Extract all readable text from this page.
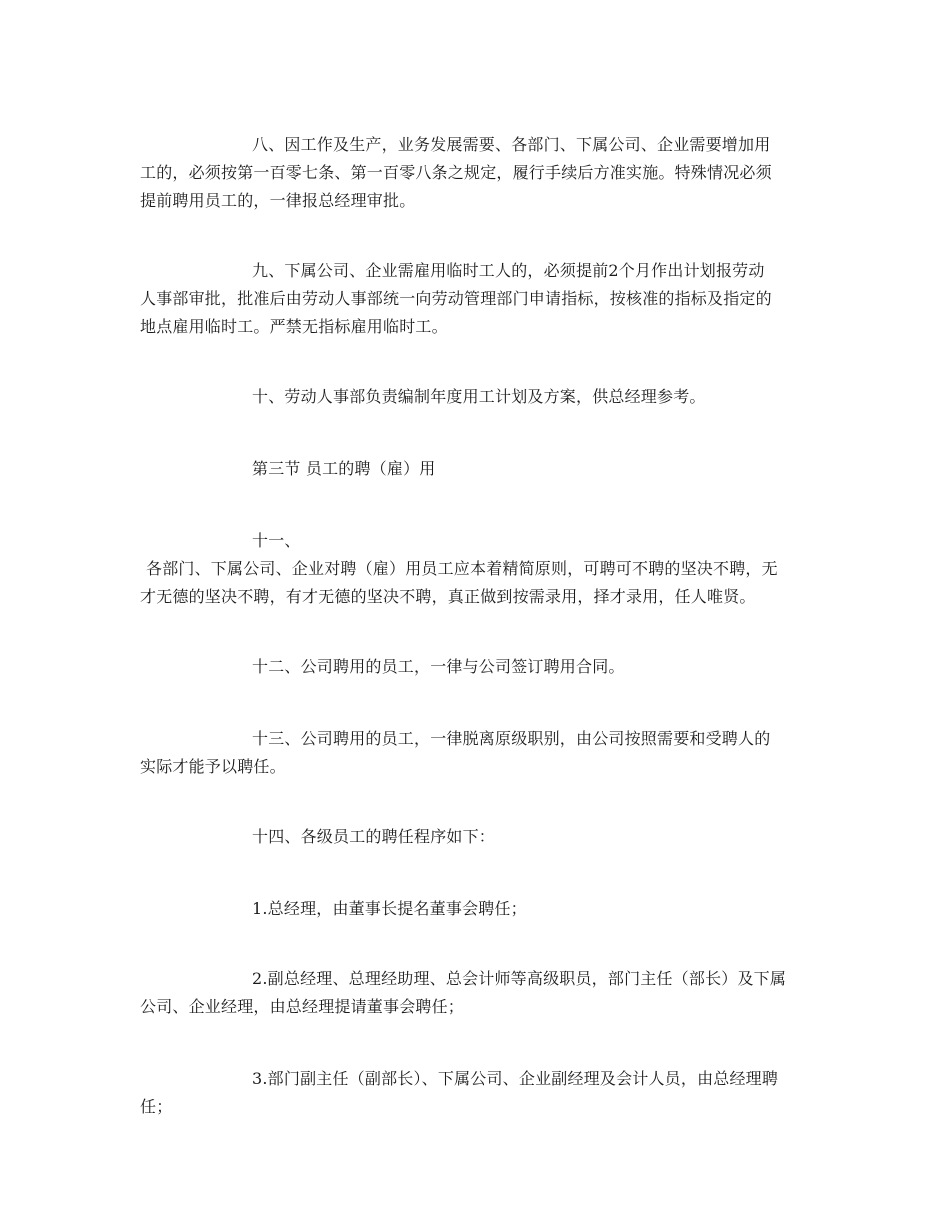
八、因工作及生产，业务发展需要、各部门、下属公司、企业需要增加用
工的，必须按第一百零七条、第一百零八条之规定，履行手续后方准实施。特殊情况必须
提前聘用员工的，一律报总经理审批。
九、下属公司、企业需雇用临时工人的，必须提前2个月作出计划报劳动
人事部审批，批准后由劳动人事部统一向劳动管理部门申请指标，按核准的指标及指定的
地点雇用临时工。严禁无指标雇用临时工。
十、劳动人事部负责编制年度用工计划及方案，供总经理参考。
第三节 员工的聘（雇）用
十一、
各部门、下属公司、企业对聘（雇）用员工应本着精简原则，可聘可不聘的坚决不聘，无
才无德的坚决不聘，有才无德的坚决不聘，真正做到按需录用，择才录用，任人唯贤。
十二、公司聘用的员工，一律与公司签订聘用合同。
十三、公司聘用的员工，一律脱离原级职别，由公司按照需要和受聘人的
实际才能予以聘任。
十四、各级员工的聘任程序如下：
1.总经理，由董事长提名董事会聘任；
2.副总经理、总理经助理、总会计师等高级职员，部门主任（部长）及下属
公司、企业经理，由总经理提请董事会聘任；
3.部门副主任（副部长）、下属公司、企业副经理及会计人员，由总经理聘
任；
